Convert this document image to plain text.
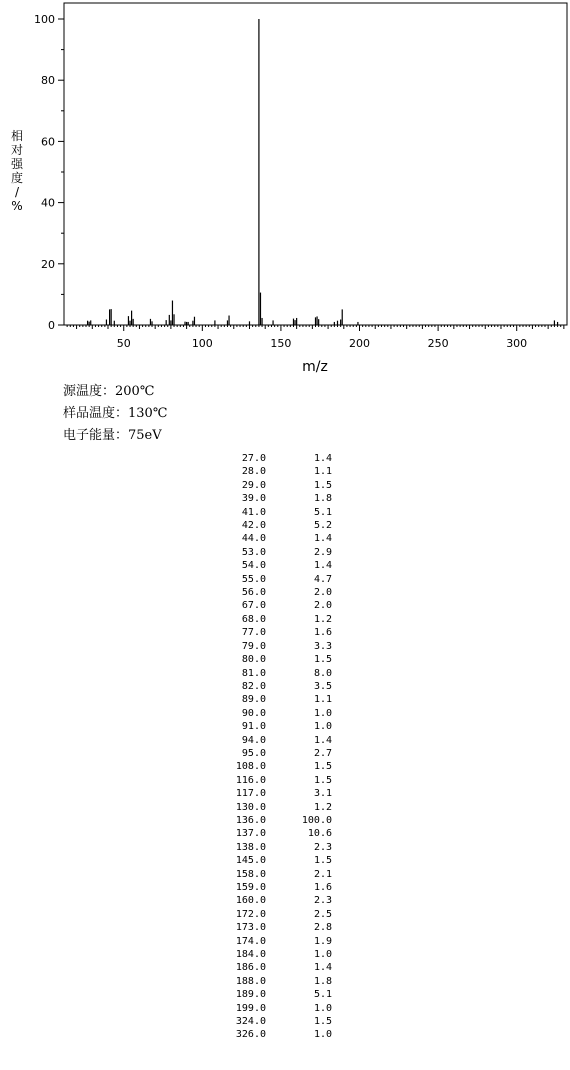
0
20
40
60
80
100
50	100	150	200	250	300
m/z
相
对
强
度
/
%
源温度：200℃
样品温度：130℃
电子能量：75eV
27.0	1.4
28.0	1.1
29.0	1.5
39.0	1.8
41.0	5.1
42.0	5.2
44.0	1.4
53.0	2.9
54.0	1.4
55.0	4.7
56.0	2.0
67.0	2.0
68.0	1.2
77.0	1.6
79.0	3.3
80.0	1.5
81.0	8.0
82.0	3.5
89.0	1.1
90.0	1.0
91.0	1.0
94.0	1.4
95.0	2.7
108.0	1.5
116.0	1.5
117.0	3.1
130.0	1.2
136.0	100.0
137.0	10.6
138.0	2.3
145.0	1.5
158.0	2.1
159.0	1.6
160.0	2.3
172.0	2.5
173.0	2.8
174.0	1.9
184.0	1.0
186.0	1.4
188.0	1.8
189.0	5.1
199.0	1.0
324.0	1.5
326.0	1.0
